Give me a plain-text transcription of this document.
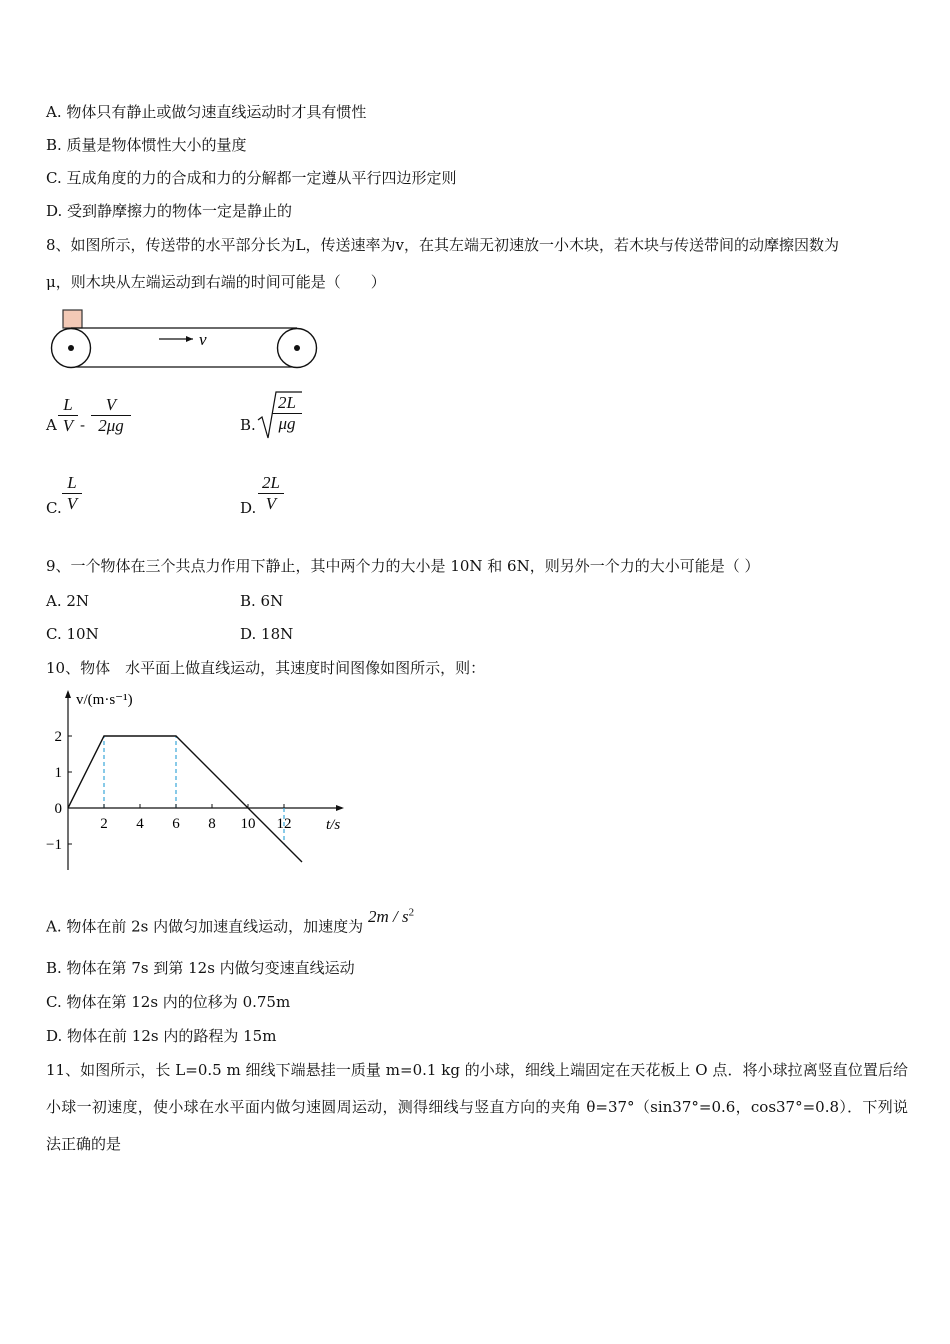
A. 物体只有静止或做匀速直线运动时才具有惯性
B. 质量是物体惯性大小的量度
C. 互成角度的力的合成和力的分解都一定遵从平行四边形定则
D. 受到静摩擦力的物体一定是静止的
8、如图所示，传送带的水平部分长为L，传送速率为v，在其左端无初速放一小木块，若木块与传送带间的动摩擦因数为
μ，则木块从左端运动到右端的时间可能是（　　）
v
A
L
V -
V
2μg	B.
2L
μg
C.
L
V	D.
2L
V
9、一个物体在三个共点力作用下静止，其中两个力的大小是 10N 和 6N，则另外一个力的大小可能是（ ）
A. 2N	B. 6N
C. 10N	D. 18N
10、物体　水平面上做直线运动，其速度时间图像如图所示，则：
v/(m·s⁻¹)
t/s
2 4 6 8 10 12
2
1
0
−1
A. 物体在前 2s 内做匀加速直线运动，加速度为 $2m / s^2$
B. 物体在第 7s 到第 12s 内做匀变速直线运动
C. 物体在第 12s 内的位移为 0.75m
D. 物体在前 12s 内的路程为 15m
11、如图所示，长 L=0.5 m 细线下端悬挂一质量 m=0.1 kg 的小球，细线上端固定在天花板上 O 点．将小球拉离竖直位置后给小球一初速度，使小球在水平面内做匀速圆周运动，测得细线与竖直方向的夹角 θ=37°（sin37°=0.6，cos37°=0.8）．下列说法正确的是
